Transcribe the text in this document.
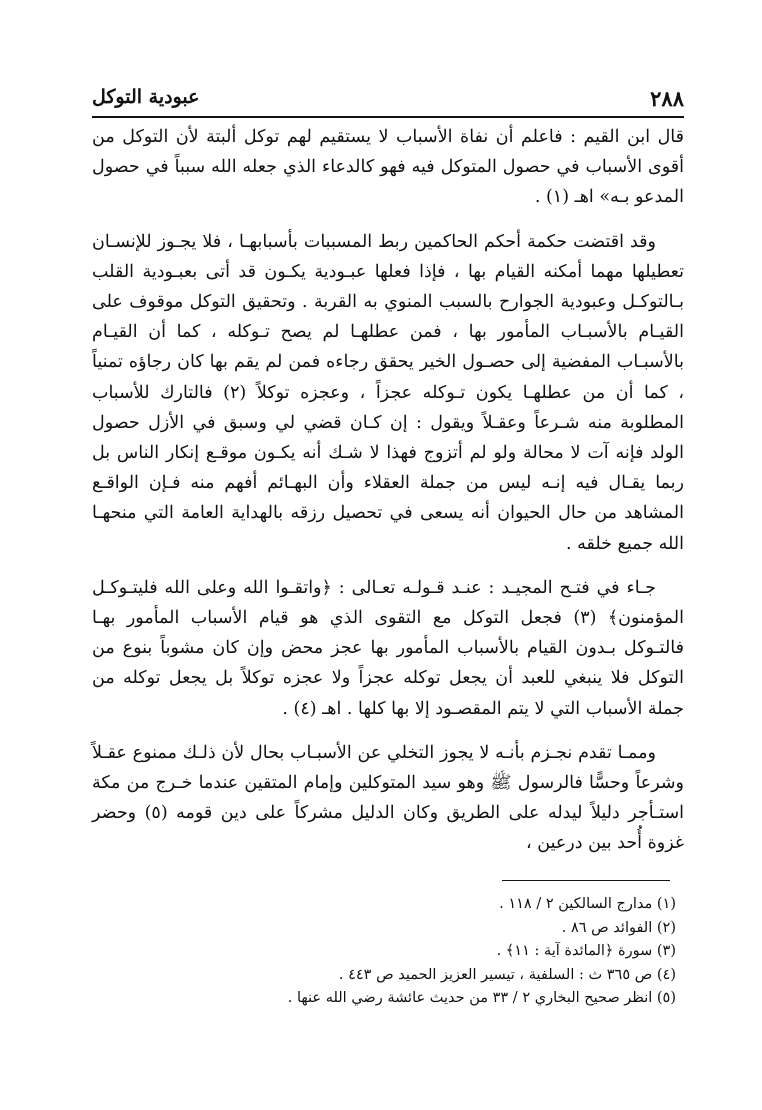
٢٨٨
عبودية التوكل

قال ابن القيم : فاعلم أن نفاة الأسباب لا يستقيم لهم توكل ألبتة لأن التوكل من أقوى الأسباب في حصول المتوكل فيه فهو كالدعاء الذي جعله الله سبباً في حصول المدعو بـه» اهـ (١) .

وقد اقتضت حكمة أحكم الحاكمين ربط المسببات بأسبابهـا ، فلا يجـوز للإنسـان تعطيلها مهما أمكنه القيام بها ، فإذا فعلها عبـودية يكـون قد أتى بعبـودية القلب بـالتوكـل وعبودية الجوارح بالسبب المنوي به القربة . وتحقيق التوكل موقوف على القيـام بالأسبـاب المأمور بها ، فمن عطلهـا لم يصح تـوكله ، كما أن القيـام بالأسبـاب المفضية إلى حصـول الخير يحقق رجاءه فمن لم يقم بها كان رجاؤه تمنياً ، كما أن من عطلهـا يكون تـوكله عجزاً ، وعجزه توكلاً (٢) فالتارك للأسباب المطلوبة منه شـرعاً وعقـلاً ويقول : إن كـان قضي لي وسبق في الأزل حصول الولد فإنه آت لا محالة ولو لم أتزوج فهذا لا شـك أنه يكـون موقـع إنكار الناس بل ربما يقـال فيه إنـه ليس من جملة العقلاء وأن البهـائم أفهم منه فـإن الواقـع المشاهد من حال الحيوان أنه يسعى في تحصيل رزقه بالهداية العامة التي منحهـا الله جميع خلقه .

جـاء في فتـح المجيـد : عنـد قـولـه تعـالى : ﴿واتقـوا الله وعلى الله فليتـوكـل المؤمنون﴾ (٣) فجعل التوكل مع التقوى الذي هو قيام الأسباب المأمور بهـا فالتـوكل بـدون القيام بالأسباب المأمور بها عجز محض وإن كان مشوباً بنوع من التوكل فلا ينبغي للعبد أن يجعل توكله عجزاً ولا عجزه توكلاً بل يجعل توكله من جملة الأسباب التي لا يتم المقصـود إلا بها كلها . اهـ (٤) .

وممـا تقدم نجـزم بأنـه لا يجوز التخلي عن الأسبـاب بحال لأن ذلـك ممنوع عقـلاً وشرعاً وحسًّا فالرسول ﷺ وهو سيد المتوكلين وإمام المتقين عندما خـرج من مكة استـأجر دليلاً ليدله على الطريق وكان الدليل مشركاً على دين قومه (٥) وحضر غزوة أُحد بين درعين ،

(١) مدارج السالكين ٢ / ١١٨ .
(٢) الفوائد ص ٨٦ .
(٣) سورة ﴿المائدة آية : ١١﴾ .
(٤) ص ٣٦٥ ث : السلفية ، تيسير العزيز الحميد ص ٤٤٣ .
(٥) انظر صحيح البخاري ٢ / ٣٣ من حديث عائشة رضي الله عنها .
